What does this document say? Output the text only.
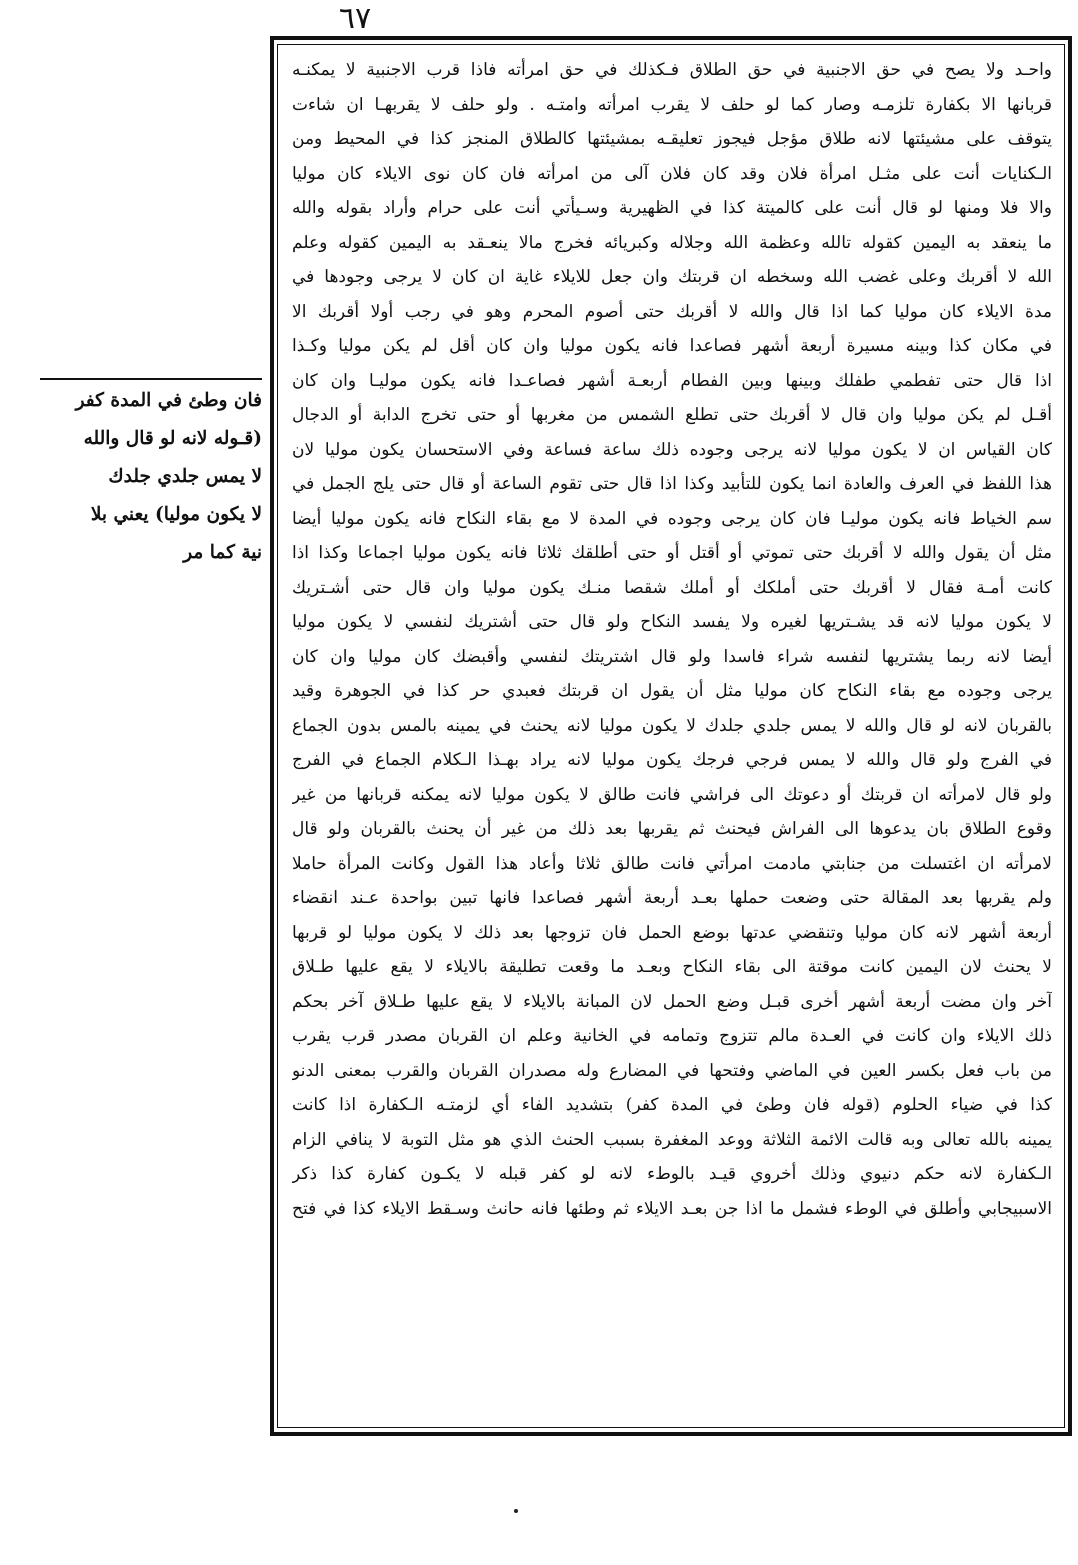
٦٧
فان وطئ في المدة كفر
(قـوله لانه لو قال والله
لا يمس جلدي جلدك
لا يكون موليا) يعني بلا
نية كما مر
واحـد ولا يصح في حق الاجنبية في حق الطلاق فـكذلك في حق امرأته فاذا قرب الاجنبية لا يمكنـه
قربانها الا بكفارة تلزمـه وصار كما لو حلف لا يقرب امرأته وامتـه . ولو حلف لا يقربهـا ان شاءت
يتوقف على مشيئتها لانه طلاق مؤجل فيجوز تعليقـه بمشيئتها كالطلاق المنجز كذا في المحيط ومن
الـكنايات أنت على مثـل امرأة فلان وقد كان فلان آلى من امرأته فان كان نوى الايلاء كان موليا
والا فلا ومنها لو قال أنت على كالميتة كذا في الظهيرية وسـيأتي أنت على حرام وأراد بقوله والله
ما ينعقد به اليمين كقوله تالله وعظمة الله وجلاله وكبريائه فخرج مالا ينعـقد به اليمين كقوله وعلم
الله لا أقربك وعلى غضب الله وسخطه ان قربتك وان جعل للايلاء غاية ان كان لا يرجى وجودها في
مدة الايلاء كان موليا كما اذا قال والله لا أقربك حتى أصوم المحرم وهو في رجب أولا أقربك الا
في مكان كذا وبينه مسيرة أربعة أشهر فصاعدا فانه يكون موليا وان كان أقل لم يكن موليا وكـذا
اذا قال حتى تفطمي طفلك وبينها وبين الفطام أربعـة أشهر فصاعـدا فانه يكون موليـا وان كان
أقـل لم يكن موليا وان قال لا أقربك حتى تطلع الشمس من مغربها أو حتى تخرج الدابة أو الدجال
كان القياس ان لا يكون موليا لانه يرجى وجوده ذلك ساعة فساعة وفي الاستحسان يكون موليا لان
هذا اللفظ في العرف والعادة انما يكون للتأبيد وكذا اذا قال حتى تقوم الساعة أو قال حتى يلج الجمل في
سم الخياط فانه يكون موليـا فان كان يرجى وجوده في المدة لا مع بقاء النكاح فانه يكون موليا أيضا
مثل أن يقول والله لا أقربك حتى تموتي أو أقتل أو حتى أطلقك ثلاثا فانه يكون موليا اجماعا وكذا اذا
كانت أمـة فقال لا أقربك حتى أملكك أو أملك شقصا منـك يكون موليا وان قال حتى أشـتريك
لا يكون موليا لانه قد يشـتريها لغيره ولا يفسد النكاح ولو قال حتى أشتريك لنفسي لا يكون موليا
أيضا لانه ربما يشتريها لنفسه شراء فاسدا ولو قال اشتريتك لنفسي وأقبضك كان موليا وان كان
يرجى وجوده مع بقاء النكاح كان موليا مثل أن يقول ان قربتك فعبدي حر كذا في الجوهرة وقيد
بالقربان لانه لو قال والله لا يمس جلدي جلدك لا يكون موليا لانه يحنث في يمينه بالمس بدون الجماع
في الفرج ولو قال والله لا يمس فرجي فرجك يكون موليا لانه يراد بهـذا الـكلام الجماع في الفرج
ولو قال لامرأته ان قربتك أو دعوتك الى فراشي فانت طالق لا يكون موليا لانه يمكنه قربانها من غير
وقوع الطلاق بان يدعوها الى الفراش فيحنث ثم يقربها بعد ذلك من غير أن يحنث بالقربان ولو قال
لامرأته ان اغتسلت من جنابتي مادمت امرأتي فانت طالق ثلاثا وأعاد هذا القول وكانت المرأة حاملا
ولم يقربها بعد المقالة حتى وضعت حملها بعـد أربعة أشهر فصاعدا فانها تبين بواحدة عـند انقضاء
أربعة أشهر لانه كان موليا وتنقضي عدتها بوضع الحمل فان تزوجها بعد ذلك لا يكون موليا لو قربها
لا يحنث لان اليمين كانت موقتة الى بقاء النكاح وبعـد ما وقعت تطليقة بالايلاء لا يقع عليها طـلاق
آخر وان مضت أربعة أشهر أخرى قبـل وضع الحمل لان المبانة بالايلاء لا يقع عليها طـلاق آخر بحكم
ذلك الايلاء وان كانت في العـدة مالم تتزوج وتمامه في الخانية وعلم ان القربان مصدر قرب يقرب
من باب فعل بكسر العين في الماضي وفتحها في المضارع وله مصدران القربان والقرب بمعنى الدنو
كذا في ضياء الحلوم (قوله فان وطئ في المدة كفر) بتشديد الفاء أي لزمتـه الـكفارة اذا كانت
يمينه بالله تعالى وبه قالت الائمة الثلاثة ووعد المغفرة بسبب الحنث الذي هو مثل التوبة لا ينافي الزام
الـكفارة لانه حكم دنيوي وذلك أخروي قيـد بالوطء لانه لو كفر قبله لا يكـون كفارة كذا ذكر
الاسبيجابي وأطلق في الوطء فشمل ما اذا جن بعـد الايلاء ثم وطئها فانه حانث وسـقط الايلاء كذا في فتح
